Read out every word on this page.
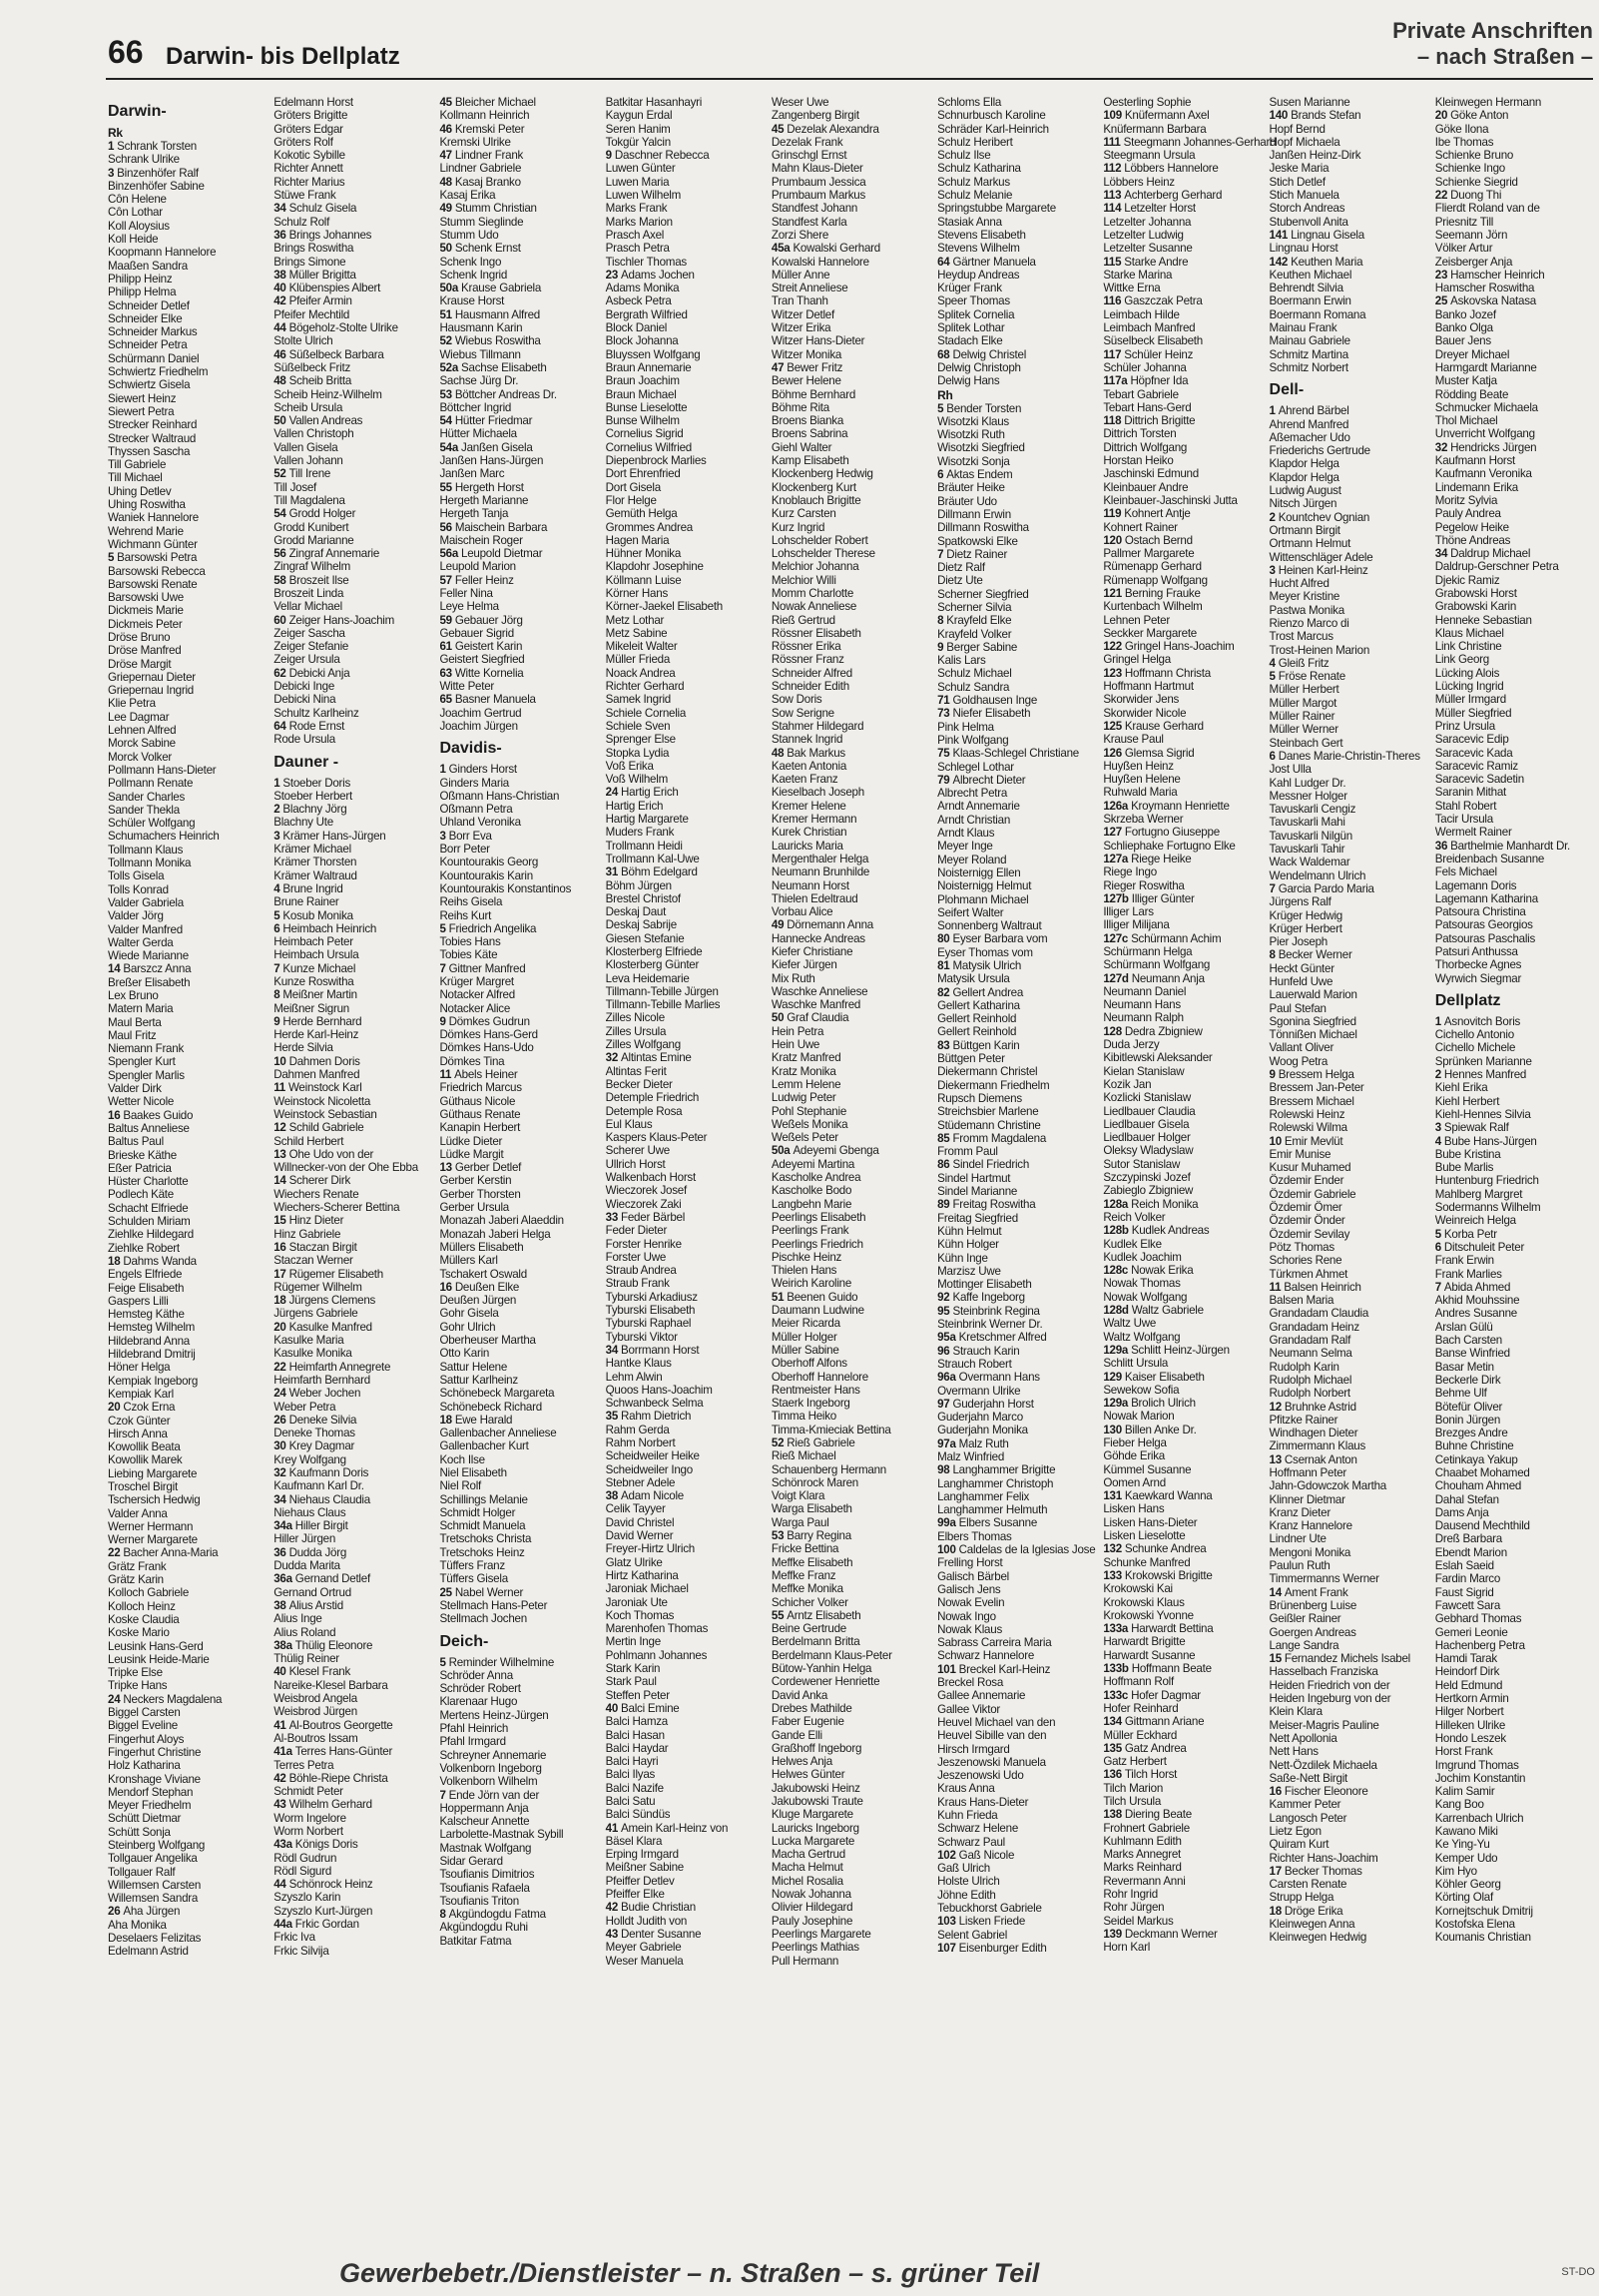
66 Darwin- bis Dellplatz
Private Anschriften
– nach Straßen –
Darwin-
Rk
1 Schrank Torsten
Schrank Ulrike
3 Binzenhöfer Ralf
Binzenhöfer Sabine
Côn Helene
Côn Lothar
Koll Aloysius
Koll Heide
Koopmann Hannelore
Maaßen Sandra
Philipp Heinz
Philipp Helma
Schneider Detlef
Schneider Elke
Schneider Markus
Schneider Petra
Schürmann Daniel
Schwiertz Friedhelm
Schwiertz Gisela
Siewert Heinz
Siewert Petra
Strecker Reinhard
Strecker Waltraud
Thyssen Sascha
Till Gabriele
Till Michael
Uhing Detlev
Uhing Roswitha
Waniek Hannelore
Wehrend Marie
Wichmann Günter
5 Barsowski Petra
Barsowski Rebecca
Barsowski Renate
Barsowski Uwe
Dickmeis Marie
Dickmeis Peter
Dröse Bruno
Dröse Manfred
Dröse Margit
Griepernau Dieter
Griepernau Ingrid
Klie Petra
Lee Dagmar
Lehnen Alfred
Morck Sabine
Morck Volker
Pollmann Hans-Dieter
Pollmann Renate
Sander Charles
Sander Thekla
Schüler Wolfgang
Schumachers Heinrich
Tollmann Klaus
Tollmann Monika
Tolls Gisela
Tolls Konrad
Valder Gabriela
Valder Jörg
Valder Manfred
Walter Gerda
Wiede Marianne
14 Barszcz Anna
Breßer Elisabeth
Lex Bruno
Matern Maria
Maul Berta
Maul Fritz
Niemann Frank
Spengler Kurt
Spengler Marlis
Valder Dirk
Wetter Nicole
16 Baakes Guido
Baltus Anneliese
Baltus Paul
Brieske Käthe
Eßer Patricia
Hüster Charlotte
Podlech Käte
Schacht Elfriede
Schulden Miriam
Ziehlke Hildegard
Ziehlke Robert
18 Dahms Wanda
Engels Elfriede
Feige Elisabeth
Gaspers Lilli
Hemsteg Käthe
Hemsteg Wilhelm
Hildebrand Anna
Hildebrand Dmitrij
Höner Helga
Kempiak Ingeborg
Kempiak Karl
20 Czok Erna
Czok Günter
Hirsch Anna
Kowollik Beata
Kowollik Marek
Liebing Margarete
Troschel Birgit
Tschersich Hedwig
Valder Anna
Werner Hermann
Werner Margarete
22 Bacher Anna-Maria
Grätz Frank
Grätz Karin
Kolloch Gabriele
Kolloch Heinz
Koske Claudia
Koske Mario
Leusink Hans-Gerd
Leusink Heide-Marie
Tripke Else
Tripke Hans
24 Neckers Magdalena
Biggel Carsten
Biggel Eveline
Fingerhut Aloys
Fingerhut Christine
Holz Katharina
Kronshage Viviane
Mendorf Stephan
Meyer Friedhelm
Schütt Dietmar
Schütt Sonja
Steinberg Wolfgang
Tollgauer Angelika
Tollgauer Ralf
Willemsen Carsten
Willemsen Sandra
26 Aha Jürgen
Aha Monika
Deselaers Felizitas
Edelmann Astrid
Edelmann Horst
Gröters Brigitte
Gröters Edgar
Gröters Rolf
Kokotic Sybille
Richter Annett
Richter Marius
Stüwe Frank
34 Schulz Gisela
Schulz Rolf
36 Brings Johannes
Brings Roswitha
Brings Simone
38 Müller Brigitta
40 Klübenspies Albert
42 Pfeifer Armin
Pfeifer Mechtild
44 Bögeholz-Stolte Ulrike
Stolte Ulrich
46 Süßelbeck Barbara
Süßelbeck Fritz
48 Scheib Britta
Scheib Heinz-Wilhelm
Scheib Ursula
50 Vallen Andreas
Vallen Christoph
Vallen Gisela
Vallen Johann
52 Till Irene
Till Josef
Till Magdalena
54 Grodd Holger
Grodd Kunibert
Grodd Marianne
56 Zingraf Annemarie
Zingraf Wilhelm
58 Broszeit Ilse
Broszeit Linda
Vellar Michael
60 Zeiger Hans-Joachim
Zeiger Sascha
Zeiger Stefanie
Zeiger Ursula
62 Debicki Anja
Debicki Inge
Debicki Nina
Schultz Karlheinz
64 Rode Ernst
Rode Ursula
Dauner -
1 Stoeber Doris
Stoeber Herbert
2 Blachny Jörg
Blachny Ute
3 Krämer Hans-Jürgen
Krämer Michael
Krämer Thorsten
Krämer Waltraud
4 Brune Ingrid
Brune Rainer
5 Kosub Monika
6 Heimbach Heinrich
Heimbach Peter
Heimbach Ursula
7 Kunze Michael
Kunze Roswitha
8 Meißner Martin
Meißner Sigrun
9 Herde Bernhard
Herde Karl-Heinz
Herde Silvia
10 Dahmen Doris
Dahmen Manfred
11 Weinstock Karl
Weinstock Nicoletta
Weinstock Sebastian
12 Schild Gabriele
Schild Herbert
13 Ohe Udo von der
Willnecker-von der Ohe Ebba
14 Scherer Dirk
Wiechers Renate
Wiechers-Scherer Bettina
15 Hinz Dieter
Hinz Gabriele
16 Staczan Birgit
Staczan Werner
17 Rügemer Elisabeth
Rügemer Wilhelm
18 Jürgens Clemens
Jürgens Gabriele
20 Kasulke Manfred
Kasulke Maria
Kasulke Monika
22 Heimfarth Annegrete
Heimfarth Bernhard
24 Weber Jochen
Weber Petra
26 Deneke Silvia
Deneke Thomas
30 Krey Dagmar
Krey Wolfgang
32 Kaufmann Doris
Kaufmann Karl Dr.
34 Niehaus Claudia
Niehaus Claus
34a Hiller Birgit
Hiller Jürgen
36 Dudda Jörg
Dudda Marita
36a Gernand Detlef
Gernand Ortrud
38 Alius Arstid
Alius Inge
Alius Roland
38a Thülig Eleonore
Thülig Reiner
40 Klesel Frank
Nareike-Klesel Barbara
Weisbrod Angela
Weisbrod Jürgen
41 Al-Boutros Georgette
Al-Boutros Issam
41a Terres Hans-Günter
Terres Petra
42 Böhle-Riepe Christa
Schmidt Peter
43 Wilhelm Gerhard
Worm Ingelore
Worm Norbert
43a Königs Doris
Rödl Gudrun
Rödl Sigurd
44 Schönrock Heinz
Szyszlo Karin
Szyszlo Kurt-Jürgen
44a Frkic Gordan
Frkic Iva
Frkic Silvija
45 Bleicher Michael
Kollmann Heinrich
46 Kremski Peter
Kremski Ulrike
47 Lindner Frank
Lindner Gabriele
48 Kasaj Branko
Kasaj Erika
49 Stumm Christian
Stumm Sieglinde
Stumm Udo
50 Schenk Ernst
Schenk Ingo
Schenk Ingrid
50a Krause Gabriela
Krause Horst
51 Hausmann Alfred
Hausmann Karin
52 Wiebus Roswitha
Wiebus Tillmann
52a Sachse Elisabeth
Sachse Jürg Dr.
53 Böttcher Andreas Dr.
Böttcher Ingrid
54 Hütter Friedmar
Hütter Michaela
54a Janßen Gisela
Janßen Hans-Jürgen
Janßen Marc
55 Hergeth Horst
Hergeth Marianne
Hergeth Tanja
56 Maischein Barbara
Maischein Roger
56a Leupold Dietmar
Leupold Marion
57 Feller Heinz
Feller Nina
Leye Helma
59 Gebauer Jörg
Gebauer Sigrid
61 Geistert Karin
Geistert Siegfried
63 Witte Kornelia
Witte Peter
65 Basner Manuela
Joachim Gertrud
Joachim Jürgen
Davidis-
1 Ginders Horst
Ginders Maria
Oßmann Hans-Christian
Oßmann Petra
Uhland Veronika
3 Borr Eva
Borr Peter
Kountourakis Georg
Kountourakis Karin
Kountourakis Konstantinos
Reihs Gisela
Reihs Kurt
5 Friedrich Angelika
Tobies Hans
Tobies Käte
7 Gittner Manfred
Krüger Margret
Notacker Alfred
Notacker Alice
9 Dömkes Gudrun
Dömkes Hans-Gerd
Dömkes Hans-Udo
Dömkes Tina
11 Abels Heiner
Friedrich Marcus
Güthaus Nicole
Güthaus Renate
Kanapin Herbert
Lüdke Dieter
Lüdke Margit
13 Gerber Detlef
Gerber Kerstin
Gerber Thorsten
Gerber Ursula
Monazah Jaberi Alaeddin
Monazah Jaberi Helga
Müllers Elisabeth
Müllers Karl
Tschakert Oswald
16 Deußen Elke
Deußen Jürgen
Gohr Gisela
Gohr Ulrich
Oberheuser Martha
Otto Karin
Sattur Helene
Sattur Karlheinz
Schönebeck Margareta
Schönebeck Richard
18 Ewe Harald
Gallenbacher Anneliese
Gallenbacher Kurt
Koch Ilse
Niel Elisabeth
Niel Rolf
Schillings Melanie
Schmidt Holger
Schmidt Manuela
Tretschoks Christa
Tretschoks Heinz
Tüffers Franz
Tüffers Gisela
25 Nabel Werner
Stellmach Hans-Peter
Stellmach Jochen
Deich-
5 Reminder Wilhelmine
Schröder Anna
Schröder Robert
Klarenaar Hugo
Mertens Heinz-Jürgen
Pfahl Heinrich
Pfahl Irmgard
Schreyner Annemarie
Volkenborn Ingeborg
Volkenborn Wilhelm
7 Ende Jörn van der
Hoppermann Anja
Kalscheur Annette
Larbolette-Mastnak Sybill
Mastnak Wolfgang
Sidar Gerard
Tsoufianis Dimitrios
Tsoufianis Rafaela
Tsoufianis Triton
8 Akgündogdu Fatma
Akgündogdu Ruhi
Batkitar Fatma
Batkitar Hasanhayri
Kaygun Erdal
Seren Hanim
Tokgür Yalcin
9 Daschner Rebecca
Luwen Günter
Luwen Maria
Luwen Wilhelm
Marks Frank
Marks Marion
Prasch Axel
Prasch Petra
Tischler Thomas
23 Adams Jochen
Adams Monika
Asbeck Petra
Bergrath Wilfried
Block Daniel
Block Johanna
Bluyssen Wolfgang
Braun Annemarie
Braun Joachim
Braun Michael
Bunse Lieselotte
Bunse Wilhelm
Cornelius Sigrid
Cornelius Wilfried
Diepenbrock Marlies
Dort Ehrenfried
Dort Gisela
Flor Helge
Gemüth Helga
Grommes Andrea
Hagen Maria
Hühner Monika
Klapdohr Josephine
Köllmann Luise
Körner Hans
Körner-Jaekel Elisabeth
Metz Lothar
Metz Sabine
Mikeleit Walter
Müller Frieda
Noack Andrea
Richter Gerhard
Samek Ingrid
Schiele Cornelia
Schiele Sven
Sprenger Else
Stopka Lydia
Voß Erika
Voß Wilhelm
24 Hartig Erich
Hartig Erich
Hartig Margarete
Muders Frank
Trollmann Heidi
Trollmann Kal-Uwe
31 Böhm Edelgard
Böhm Jürgen
Brestel Christof
Deskaj Daut
Deskaj Sabrije
Giesen Stefanie
Klosterberg Elfriede
Klosterberg Günter
Leva Heidemarie
Tillmann-Tebille Jürgen
Tillmann-Tebille Marlies
Zilles Nicole
Zilles Ursula
Zilles Wolfgang
32 Altintas Emine
Altintas Ferit
Becker Dieter
Detemple Friedrich
Detemple Rosa
Eul Klaus
Kaspers Klaus-Peter
Scherer Uwe
Ullrich Horst
Walkenbach Horst
Wieczorek Josef
Wieczorek Zaki
33 Feder Bärbel
Feder Dieter
Forster Henrike
Forster Uwe
Straub Andrea
Straub Frank
Tyburski Arkadiusz
Tyburski Elisabeth
Tyburski Raphael
Tyburski Viktor
34 Borrmann Horst
Hantke Klaus
Lehm Alwin
Quoos Hans-Joachim
Schwanbeck Selma
35 Rahm Dietrich
Rahm Gerda
Rahm Norbert
Scheidweiler Heike
Scheidweiler Ingo
Stebner Adele
38 Adam Nicole
Celik Tayyer
David Christel
David Werner
Freyer-Hirtz Ulrich
Glatz Ulrike
Hirtz Katharina
Jaroniak Michael
Jaroniak Ute
Koch Thomas
Marenhofen Thomas
Mertin Inge
Pohlmann Johannes
Stark Karin
Stark Paul
Steffen Peter
40 Balci Emine
Balci Hamza
Balci Hasan
Balci Haydar
Balci Hayri
Balci Ilyas
Balci Nazife
Balci Satu
Balci Sündüs
41 Amein Karl-Heinz von
Bäsel Klara
Erping Irmgard
Meißner Sabine
Pfeiffer Detlev
Pfeiffer Elke
42 Budie Christian
Holldt Judith von
43 Denter Susanne
Meyer Gabriele
Weser Manuela
Weser Uwe
Zangenberg Birgit
45 Dezelak Alexandra
Dezelak Frank
Grinschgl Ernst
Mahn Klaus-Dieter
Prumbaum Jessica
Prumbaum Markus
Standfest Johann
Standfest Karla
Zorzi Shere
45a Kowalski Gerhard
Kowalski Hannelore
Müller Anne
Streit Anneliese
Tran Thanh
Witzer Detlef
Witzer Erika
Witzer Hans-Dieter
Witzer Monika
47 Bewer Fritz
Bewer Helene
Böhme Bernhard
Böhme Rita
Broens Bianka
Broens Sabrina
Giehl Walter
Kamp Elisabeth
Klockenberg Hedwig
Klockenberg Kurt
Knoblauch Brigitte
Kurz Carsten
Kurz Ingrid
Lohschelder Robert
Lohschelder Therese
Melchior Johanna
Melchior Willi
Momm Charlotte
Nowak Anneliese
Rieß Gertrud
Rössner Elisabeth
Rössner Erika
Rössner Franz
Schneider Alfred
Schneider Edith
Sow Doris
Sow Serigne
Stahmer Hildegard
Stannek Ingrid
48 Bak Markus
Kaeten Antonia
Kaeten Franz
Kieselbach Joseph
Kremer Helene
Kremer Hermann
Kurek Christian
Lauricks Maria
Mergenthaler Helga
Neumann Brunhilde
Neumann Horst
Thielen Edeltraud
Vorbau Alice
49 Dörnemann Anna
Hannecke Andreas
Kiefer Christiane
Kiefer Jürgen
Mix Ruth
Waschke Anneliese
Waschke Manfred
50 Graf Claudia
Hein Petra
Hein Uwe
Kratz Manfred
Kratz Monika
Lemm Helene
Ludwig Peter
Pohl Stephanie
Weßels Monika
Weßels Peter
50a Adeyemi Gbenga
Adeyemi Martina
Kascholke Andrea
Kascholke Bodo
Langbehn Marie
Peerlings Elisabeth
Peerlings Frank
Peerlings Friedrich
Pischke Heinz
Thielen Hans
Weirich Karoline
51 Beenen Guido
Daumann Ludwine
Meier Ricarda
Müller Holger
Müller Sabine
Oberhoff Alfons
Oberhoff Hannelore
Rentmeister Hans
Staerk Ingeborg
Timma Heiko
Timma-Kmieciak Bettina
52 Rieß Gabriele
Rieß Michael
Schauenberg Hermann
Schönrock Maren
Voigt Klara
Warga Elisabeth
Warga Paul
53 Barry Regina
Fricke Bettina
Meffke Elisabeth
Meffke Franz
Meffke Monika
Schicher Volker
55 Arntz Elisabeth
Beine Gertrude
Berdelmann Britta
Berdelmann Klaus-Peter
Bütow-Yanhin Helga
Cordewener Henriette
David Anka
Drebes Mathilde
Faber Eugenie
Gande Elli
Graßhoff Ingeborg
Helwes Anja
Helwes Günter
Jakubowski Heinz
Jakubowski Traute
Kluge Margarete
Lauricks Ingeborg
Lucka Margarete
Macha Gertrud
Macha Helmut
Michel Rosalia
Nowak Johanna
Olivier Hildegard
Pauly Josephine
Peerlings Margarete
Peerlings Mathias
Pull Hermann
Schloms Ella
Schnurbusch Karoline
Schräder Karl-Heinrich
Schulz Heribert
Schulz Ilse
Schulz Katharina
Schulz Markus
Schulz Melanie
Springstubbe Margarete
Stasiak Anna
Stevens Elisabeth
Stevens Wilhelm
64 Gärtner Manuela
Heydup Andreas
Krüger Frank
Speer Thomas
Splitek Cornelia
Splitek Lothar
Stadach Elke
68 Delwig Christel
Delwig Christoph
Delwig Hans
Rh
5 Bender Torsten
Wisotzki Klaus
Wisotzki Ruth
Wisotzki Siegfried
Wisotzki Sonja
6 Aktas Endem
Bräuter Heike
Bräuter Udo
Dillmann Erwin
Dillmann Roswitha
Spatkowski Elke
7 Dietz Rainer
Dietz Ralf
Dietz Ute
Scherner Siegfried
Scherner Silvia
8 Krayfeld Elke
Krayfeld Volker
9 Berger Sabine
Kalis Lars
Schulz Michael
Schulz Sandra
71 Goldhausen Inge
73 Niefer Elisabeth
Pink Helma
Pink Wolfgang
75 Klaas-Schlegel Christiane
Schlegel Lothar
79 Albrecht Dieter
Albrecht Petra
Arndt Annemarie
Arndt Christian
Arndt Klaus
Meyer Inge
Meyer Roland
Noisternigg Ellen
Noisternigg Helmut
Plohmann Michael
Seifert Walter
Sonnenberg Waltraut
80 Eyser Barbara vom
Eyser Thomas vom
81 Matysik Ulrich
Matysik Ursula
82 Gellert Andrea
Gellert Katharina
Gellert Reinhold
Gellert Reinhold
83 Büttgen Karin
Büttgen Peter
Diekermann Christel
Diekermann Friedhelm
Rupsch Diemens
Streichsbier Marlene
Stüdemann Christine
85 Fromm Magdalena
Fromm Paul
86 Sindel Friedrich
Sindel Hartmut
Sindel Marianne
89 Freitag Roswitha
Freitag Siegfried
Kühn Helmut
Kühn Holger
Kühn Inge
Marzisz Uwe
Mottinger Elisabeth
92 Kaffe Ingeborg
95 Steinbrink Regina
Steinbrink Werner Dr.
95a Kretschmer Alfred
96 Strauch Karin
Strauch Robert
96a Overmann Hans
Overmann Ulrike
97 Guderjahn Horst
Guderjahn Marco
Guderjahn Monika
97a Malz Ruth
Malz Winfried
98 Langhammer Brigitte
Langhammer Christoph
Langhammer Felix
Langhammer Helmuth
99a Elbers Susanne
Elbers Thomas
100 Caldelas de la Iglesias Jose
Frelling Horst
Galisch Bärbel
Galisch Jens
Nowak Evelin
Nowak Ingo
Nowak Klaus
Sabrass Carreira Maria
Schwarz Hannelore
101 Breckel Karl-Heinz
Breckel Rosa
Gallee Annemarie
Gallee Viktor
Heuvel Michael van den
Heuvel Sibille van den
Hirsch Irmgard
Jeszenowski Manuela
Jeszenowski Udo
Kraus Anna
Kraus Hans-Dieter
Kuhn Frieda
Schwarz Helene
Schwarz Paul
102 Gaß Nicole
Gaß Ulrich
Holste Ulrich
Jöhne Edith
Tebuckhorst Gabriele
103 Lisken Friede
Selent Gabriel
107 Eisenburger Edith
Oesterling Sophie
109 Knüfermann Axel
Knüfermann Barbara
111 Steegmann Johannes-Gerhard
Steegmann Ursula
112 Löbbers Hannelore
Löbbers Heinz
113 Achterberg Gerhard
114 Letzelter Horst
Letzelter Johanna
Letzelter Ludwig
Letzelter Susanne
115 Starke Andre
Starke Marina
Wittke Erna
116 Gaszczak Petra
Leimbach Hilde
Leimbach Manfred
Süselbeck Elisabeth
117 Schüler Heinz
Schüler Johanna
117a Höpfner Ida
Tebart Gabriele
Tebart Hans-Gerd
118 Dittrich Brigitte
Dittrich Torsten
Dittrich Wolfgang
Horstan Heiko
Jaschinski Edmund
Kleinbauer Andre
Kleinbauer-Jaschinski Jutta
119 Kohnert Antje
Kohnert Rainer
120 Ostach Bernd
Pallmer Margarete
Rümenapp Gerhard
Rümenapp Wolfgang
121 Berning Frauke
Kurtenbach Wilhelm
Lehnen Peter
Seckker Margarete
122 Gringel Hans-Joachim
Gringel Helga
123 Hoffmann Christa
Hoffmann Hartmut
Skorwider Jens
Skorwider Nicole
125 Krause Gerhard
Krause Paul
126 Glemsa Sigrid
Huyßen Heinz
Huyßen Helene
Ruhwald Maria
126a Kroymann Henriette
Skrzeba Werner
127 Fortugno Giuseppe
Schliephake Fortugno Elke
127a Riege Heike
Riege Ingo
Rieger Roswitha
127b Illiger Günter
Illiger Lars
Illiger Milijana
127c Schürmann Achim
Schürmann Helga
Schürmann Wolfgang
127d Neumann Anja
Neumann Daniel
Neumann Hans
Neumann Ralph
128 Dedra Zbigniew
Duda Jerzy
Kibitlewski Aleksander
Kielan Stanislaw
Kozik Jan
Kozlicki Stanislaw
Liedlbauer Claudia
Liedlbauer Gisela
Liedlbauer Holger
Oleksy Wladyslaw
Sutor Stanislaw
Szczypinski Jozef
Zabieglo Zbigniew
128a Reich Monika
Reich Volker
128b Kudlek Andreas
Kudlek Elke
Kudlek Joachim
128c Nowak Erika
Nowak Thomas
Nowak Wolfgang
128d Waltz Gabriele
Waltz Uwe
Waltz Wolfgang
129a Schlitt Heinz-Jürgen
Schlitt Ursula
129 Kaiser Elisabeth
Sewekow Sofia
129a Brolich Ulrich
Nowak Marion
130 Billen Anke Dr.
Fieber Helga
Göhde Erika
Kümmel Susanne
Oomen Arnd
131 Kaewkard Wanna
Lisken Hans
Lisken Hans-Dieter
Lisken Lieselotte
132 Schunke Andrea
Schunke Manfred
133 Krokowski Brigitte
Krokowski Kai
Krokowski Klaus
Krokowski Yvonne
133a Harwardt Bettina
Harwardt Brigitte
Harwardt Susanne
133b Hoffmann Beate
Hoffmann Rolf
133c Hofer Dagmar
Hofer Reinhard
134 Gittmann Ariane
Müller Eckhard
135 Gatz Andrea
Gatz Herbert
136 Tilch Horst
Tilch Marion
Tilch Ursula
138 Diering Beate
Frohnert Gabriele
Kuhlmann Edith
Marks Annegret
Marks Reinhard
Revermann Anni
Rohr Ingrid
Rohr Jürgen
Seidel Markus
139 Deckmann Werner
Horn Karl
Susen Marianne
140 Brands Stefan
Hopf Bernd
Hopf Michaela
Janßen Heinz-Dirk
Jeske Maria
Stich Detlef
Stich Manuela
Storch Andreas
Stubenvoll Anita
141 Lingnau Gisela
Lingnau Horst
142 Keuthen Maria
Keuthen Michael
Behrendt Silvia
Boermann Erwin
Boermann Romana
Mainau Frank
Mainau Gabriele
Schmitz Martina
Schmitz Norbert
Dell-
1 Ahrend Bärbel
Ahrend Manfred
Aßemacher Udo
Friederichs Gertrude
Klapdor Helga
Klapdor Helga
Ludwig August
Nitsch Jürgen
2 Kountchev Ognian
Ortmann Birgit
Ortmann Helmut
Wittenschläger Adele
3 Heinen Karl-Heinz
Hucht Alfred
Meyer Kristine
Pastwa Monika
Rienzo Marco di
Trost Marcus
Trost-Heinen Marion
4 Gleiß Fritz
5 Fröse Renate
Müller Herbert
Müller Margot
Müller Rainer
Müller Werner
Steinbach Gert
6 Danes Marie-Christin-Theres
Jost Ulla
Kahl Ludger Dr.
Messner Holger
Tavuskarli Cengiz
Tavuskarli Mahi
Tavuskarli Nilgün
Tavuskarli Tahir
Wack Waldemar
Wendelmann Ulrich
7 Garcia Pardo Maria
Jürgens Ralf
Krüger Hedwig
Krüger Herbert
Pier Joseph
8 Becker Werner
Heckt Günter
Hunfeld Uwe
Lauerwald Marion
Paul Stefan
Sgonina Siegfried
Tönnißen Michael
Vallant Oliver
Woog Petra
9 Bressem Helga
Bressem Jan-Peter
Bressem Michael
Rolewski Heinz
Rolewski Wilma
10 Emir Mevlüt
Emir Munise
Kusur Muhamed
Özdemir Ender
Özdemir Gabriele
Özdemir Ömer
Özdemir Önder
Özdemir Sevilay
Pötz Thomas
Schories Rene
Türkmen Ahmet
11 Balsen Heinrich
Balsen Maria
Grandadam Claudia
Grandadam Heinz
Grandadam Ralf
Neumann Selma
Rudolph Karin
Rudolph Michael
Rudolph Norbert
12 Bruhnke Astrid
Pfitzke Rainer
Windhagen Dieter
Zimmermann Klaus
13 Csernak Anton
Hoffmann Peter
Jahn-Gdowczok Martha
Klinner Dietmar
Kranz Dieter
Kranz Hannelore
Lindner Ute
Mengoni Monika
Paulun Ruth
Timmermanns Werner
14 Ament Frank
Brünenberg Luise
Geißler Rainer
Goergen Andreas
Lange Sandra
15 Fernandez Michels Isabel
Hasselbach Franziska
Heiden Friedrich von der
Heiden Ingeburg von der
Klein Klara
Meiser-Magris Pauline
Nett Apollonia
Nett Hans
Nett-Özdilek Michaela
Saße-Nett Birgit
16 Fischer Eleonore
Kammer Peter
Langosch Peter
Lietz Egon
Quiram Kurt
Richter Hans-Joachim
17 Becker Thomas
Carsten Renate
Strupp Helga
18 Dröge Erika
Kleinwegen Anna
Kleinwegen Hedwig
Kleinwegen Hermann
20 Göke Anton
Göke Ilona
Ibe Thomas
Schienke Bruno
Schienke Ingo
Schienke Siegrid
22 Duong Thi
Flierdt Roland van de
Priesnitz Till
Seemann Jörn
Völker Artur
Zeisberger Anja
23 Hamscher Heinrich
Hamscher Roswitha
25 Askovska Natasa
Banko Jozef
Banko Olga
Bauer Jens
Dreyer Michael
Harmgardt Marianne
Muster Katja
Rödding Beate
Schmucker Michaela
Thol Michael
Unverricht Wolfgang
32 Hendricks Jürgen
Kaufmann Horst
Kaufmann Veronika
Lindemann Erika
Moritz Sylvia
Pauly Andrea
Pegelow Heike
Thöne Andreas
34 Daldrup Michael
Daldrup-Gerschner Petra
Djekic Ramiz
Grabowski Horst
Grabowski Karin
Henneke Sebastian
Klaus Michael
Link Christine
Link Georg
Lücking Alois
Lücking Ingrid
Müller Irmgard
Müller Siegfried
Prinz Ursula
Saracevic Edip
Saracevic Kada
Saracevic Ramiz
Saracevic Sadetin
Saranin Mithat
Stahl Robert
Tacir Ursula
Wermelt Rainer
36 Barthelmie Manhardt Dr.
Breidenbach Susanne
Fels Michael
Lagemann Doris
Lagemann Katharina
Patsoura Christina
Patsouras Georgios
Patsouras Paschalis
Patsuri Anthussa
Thorbecke Agnes
Wyrwich Siegmar
Dellplatz
1 Asnovitch Boris
Cichello Antonio
Cichello Michele
Sprünken Marianne
2 Hennes Manfred
Kiehl Erika
Kiehl Herbert
Kiehl-Hennes Silvia
3 Spiewak Ralf
4 Bube Hans-Jürgen
Bube Kristina
Bube Marlis
Huntenburg Friedrich
Mahlberg Margret
Sodermanns Wilhelm
Weinreich Helga
5 Korba Petr
6 Ditschuleit Peter
Frank Erwin
Frank Marlies
7 Abida Ahmed
Akhid Mouhssine
Andres Susanne
Arslan Gülü
Bach Carsten
Banse Winfried
Basar Metin
Beckerle Dirk
Behme Ulf
Bötefür Oliver
Bonin Jürgen
Brezges Andre
Buhne Christine
Cetinkaya Yakup
Chaabet Mohamed
Chouham Ahmed
Dahal Stefan
Dams Anja
Dausend Mechthild
Dreß Barbara
Ebendt Marion
Eslah Saeid
Fardin Marco
Faust Sigrid
Fawcett Sara
Gebhard Thomas
Gemeri Leonie
Hachenberg Petra
Hamdi Tarak
Heindorf Dirk
Held Edmund
Hertkorn Armin
Hilger Norbert
Hilleken Ulrike
Hondo Leszek
Horst Frank
Imgrund Thomas
Jochim Konstantin
Kalim Samir
Kang Boo
Karrenbach Ulrich
Kawano Miki
Ke Ying-Yu
Kemper Udo
Kim Hyo
Köhler Georg
Körting Olaf
Kornejtschuk Dmitrij
Kostofska Elena
Koumanis Christian
Gewerbebetr./Dienstleister – n. Straßen – s. grüner Teil	ST-DO
